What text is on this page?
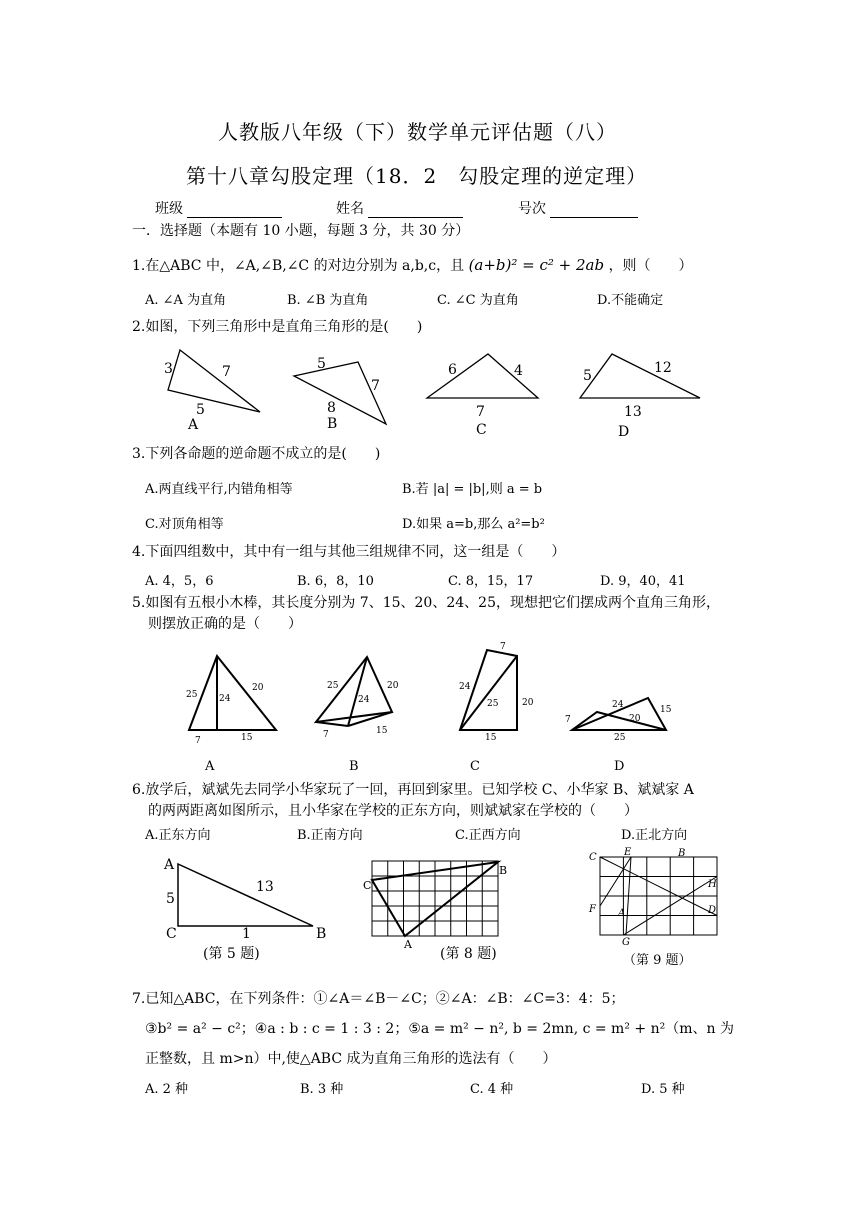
人教版八年级（下）数学单元评估题（八）
第十八章勾股定理（18．2　勾股定理的逆定理）
班级	姓名	号次
一．选择题（本题有 10 小题，每题 3 分，共 30 分）
1.在△ABC 中，∠A,∠B,∠C 的对边分别为 a,b,c，且 (a+b)² = c² + 2ab ，则（　　）
A. ∠A 为直角	B. ∠B 为直角	C. ∠C 为直角	D.不能确定
2.如图，下列三角形中是直角三角形的是(　　)
3	7
5
A
5
7
8
B
6	4
7
C
5	12
13
D
3.下列各命题的逆命题不成立的是(　　)
A.两直线平行,内错角相等	B.若 |a| = |b|,则 a = b
C.对顶角相等	D.如果 a=b,那么 a²=b²
4.下面四组数中，其中有一组与其他三组规律不同，这一组是（　　）
A. 4，5，6	B. 6，8，10	C. 8，15，17	D. 9，40，41
5.如图有五根小木棒，其长度分别为 7、15、20、24、25，现想把它们摆成两个直角三角形，
则摆放正确的是（　　）
25 24
20
7	15
25
24
20
7	15
7
24
25	20
15
7
24
20
15
25
A	B	C	D
6.放学后，斌斌先去同学小华家玩了一回，再回到家里。已知学校 C、小华家 B、斌斌家 A
的两两距离如图所示，且小华家在学校的正东方向，则斌斌家在学校的（　　）
A.正东方向	B.正南方向	C.正西方向	D.正北方向
A
5
13
C	1	B
(第 5 题)
C
B
A
(第 8 题)
C	E	B
H
F A	D
G
（第 9 题）
7.已知△ABC，在下列条件：①∠A＝∠B－∠C；②∠A：∠B：∠C=3：4：5；
③b² = a² − c²；④a : b : c = 1 : 3 : 2；⑤a = m² − n², b = 2mn, c = m² + n²（m、n 为
正整数，且 m>n）中,使△ABC 成为直角三角形的选法有（　　）
A. 2 种	B. 3 种	C. 4 种	D. 5 种
